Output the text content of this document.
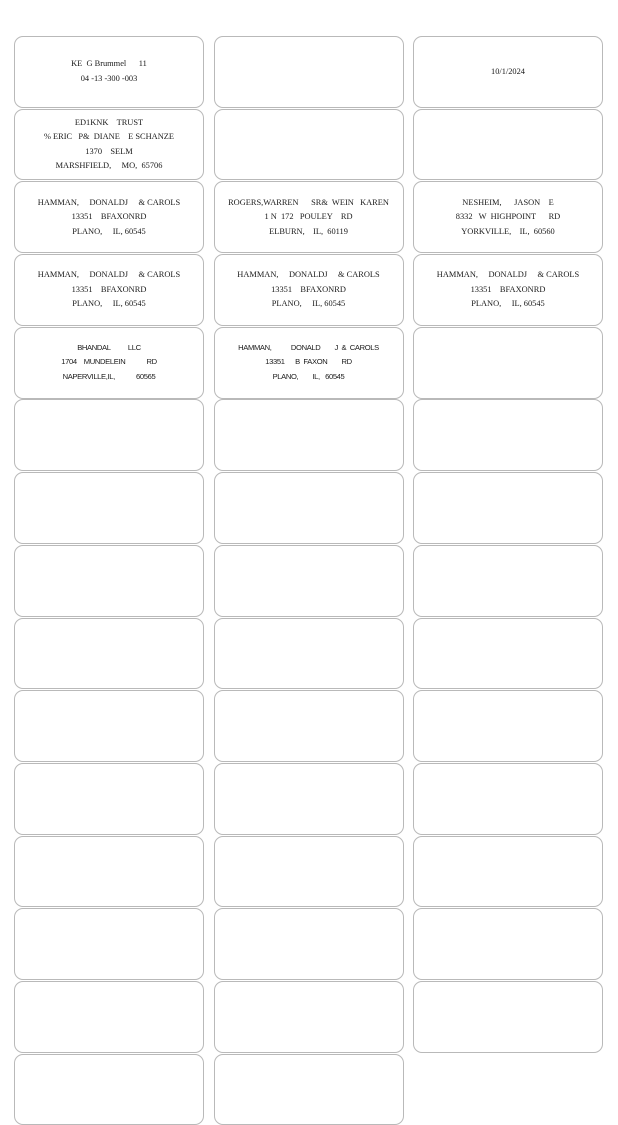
KE  G Brummel      11
04 -13 -300 -003
10/1/2024
ED1KNK    TRUST
% ERIC   P&  DIANE    E SCHANZE
1370    SELM
MARSHFIELD,     MO,  65706
HAMMAN,     DONALDJ     & CAROLS
13351    BFAXONRD
PLANO,     IL, 60545
ROGERS,WARREN      SR&  WEIN   KAREN
1 N  172   POULEY    RD
ELBURN,    IL,  60119
NESHEIM,      JASON    E
8332   W  HIGHPOINT      RD
YORKVILLE,    IL,  60560
HAMMAN,     DONALDJ     & CAROLS
13351    BFAXONRD
PLANO,     IL, 60545
HAMMAN,     DONALDJ     & CAROLS
13351    BFAXONRD
PLANO,     IL, 60545
HAMMAN,     DONALDJ     & CAROLS
13351    BFAXONRD
PLANO,     IL, 60545
BHANDAL          LLC
1704    MUNDELEIN            RD
NAPERVILLE,IL,            60565
HAMMAN,           DONALD        J  &  CAROLS
13351      B  FAXON        RD
PLANO,        IL,   60545
